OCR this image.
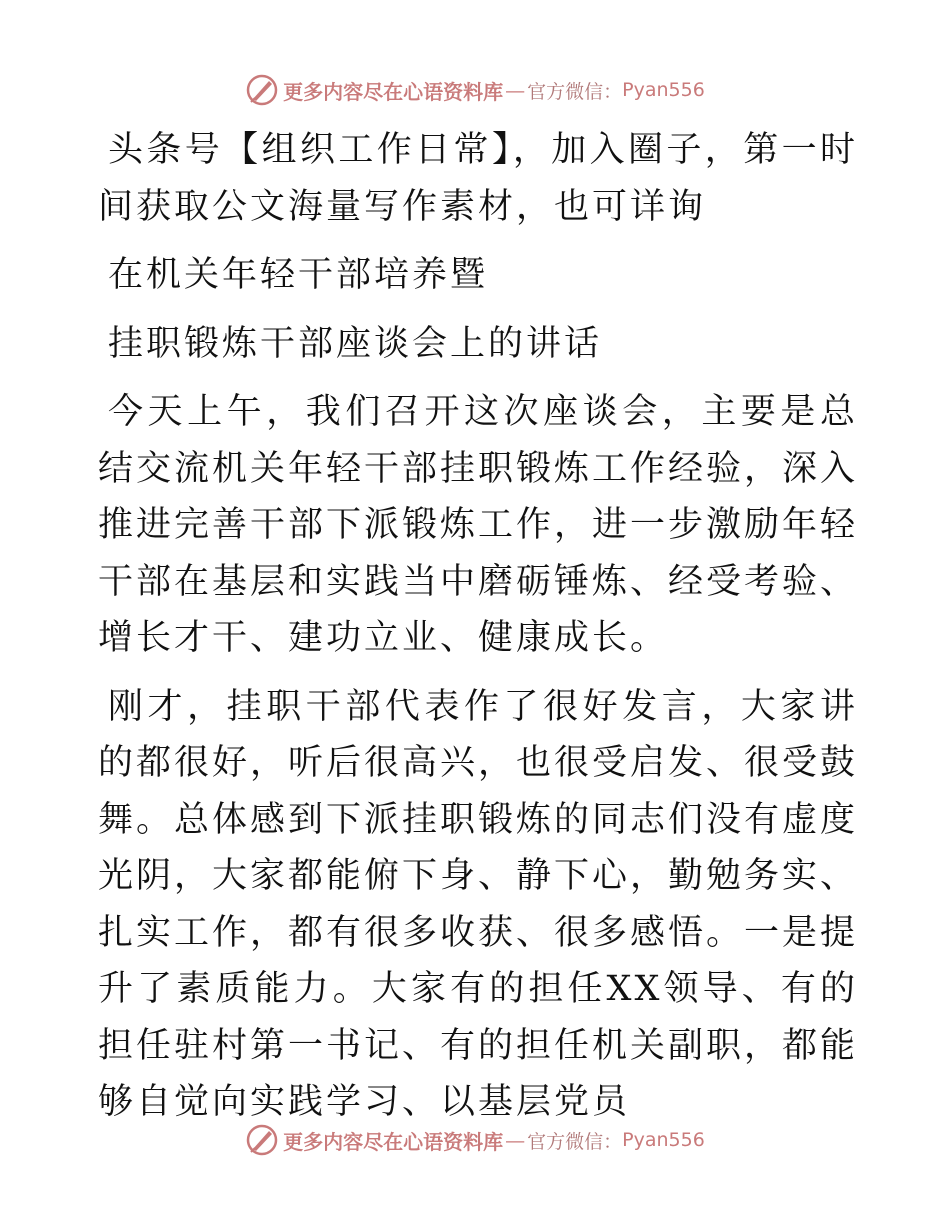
更多内容尽在心语资料库 — 官方微信： Pyan556

头条号【组织工作日常】，加入圈子，第一时间获取公文海量写作素材，也可详询

在机关年轻干部培养暨

挂职锻炼干部座谈会上的讲话

今天上午，我们召开这次座谈会，主要是总结交流机关年轻干部挂职锻炼工作经验，深入推进完善干部下派锻炼工作，进一步激励年轻干部在基层和实践当中磨砺锤炼、经受考验、增长才干、建功立业、健康成长。

刚才，挂职干部代表作了很好发言，大家讲的都很好，听后很高兴，也很受启发、很受鼓舞。总体感到下派挂职锻炼的同志们没有虚度光阴，大家都能俯下身、静下心，勤勉务实、扎实工作，都有很多收获、很多感悟。一是提升了素质能力。大家有的担任XX领导、有的担任驻村第一书记、有的担任机关副职，都能够自觉向实践学习、以基层党员

更多内容尽在心语资料库 — 官方微信： Pyan556
